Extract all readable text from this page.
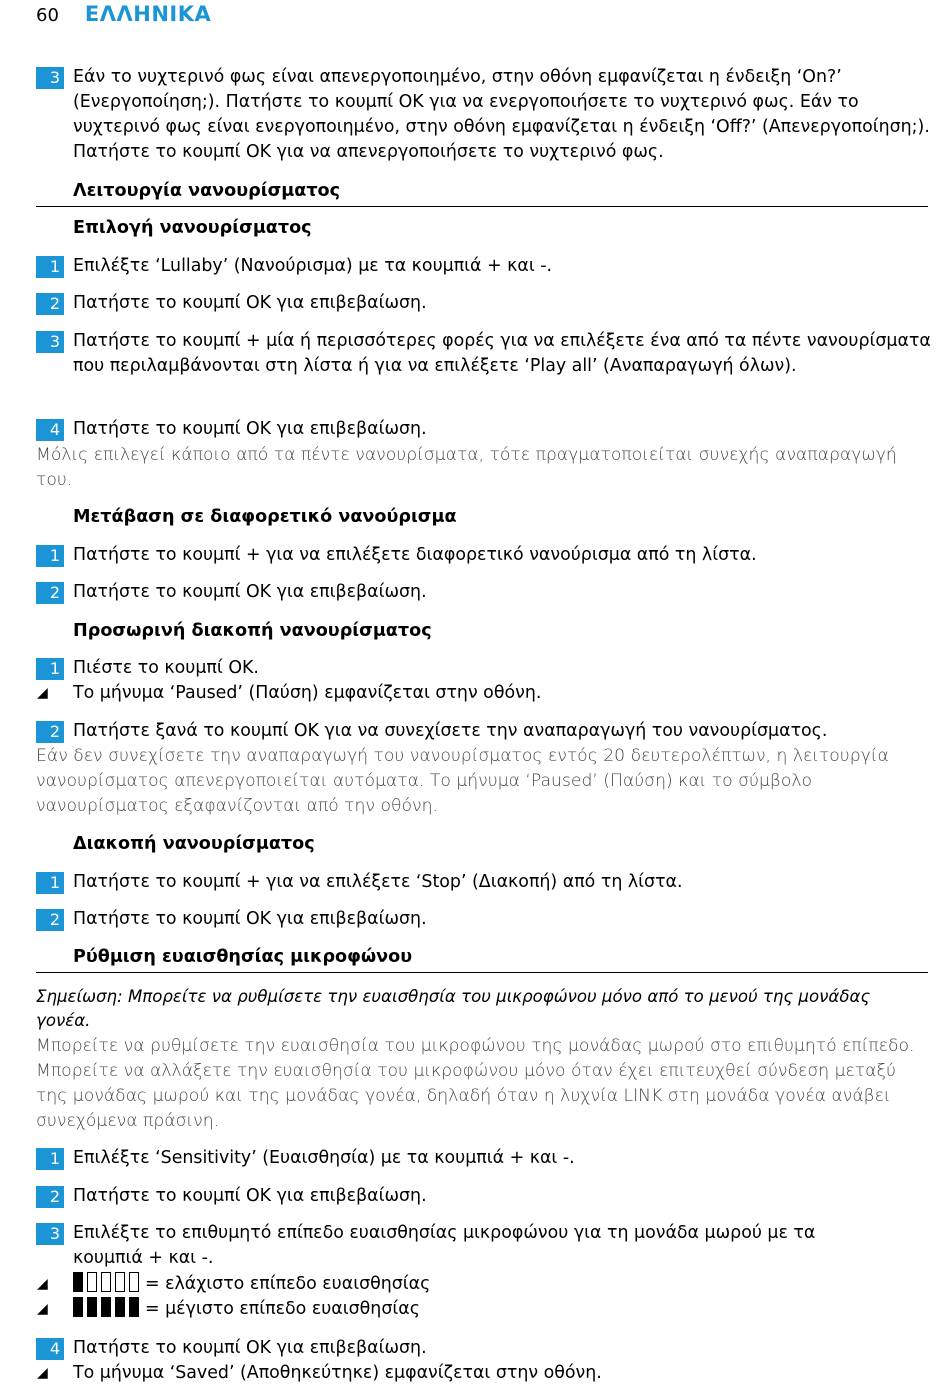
60 ΕΛΛΗΝΙΚΑ
3 Εάν το νυχτερινό φως είναι απενεργοποιημένο, στην οθόνη εμφανίζεται η ένδειξη ‘On?’ (Ενεργοποίηση;). Πατήστε το κουμπί OK για να ενεργοποιήσετε το νυχτερινό φως. Εάν το νυχτερινό φως είναι ενεργοποιημένο, στην οθόνη εμφανίζεται η ένδειξη ‘Off?’ (Απενεργοποίηση;). Πατήστε το κουμπί OK για να απενεργοποιήσετε το νυχτερινό φως.
Λειτουργία νανουρίσματος
Επιλογή νανουρίσματος
1 Επιλέξτε ‘Lullaby’ (Νανούρισμα) με τα κουμπιά + και -.
2 Πατήστε το κουμπί OK για επιβεβαίωση.
3 Πατήστε το κουμπί + μία ή περισσότερες φορές για να επιλέξετε ένα από τα πέντε νανουρίσματα που περιλαμβάνονται στη λίστα ή για να επιλέξετε ‘Play all’ (Αναπαραγωγή όλων).
4 Πατήστε το κουμπί OK για επιβεβαίωση.
Μόλις επιλεγεί κάποιο από τα πέντε νανουρίσματα, τότε πραγματοποιείται συνεχής αναπαραγωγή του.
Μετάβαση σε διαφορετικό νανούρισμα
1 Πατήστε το κουμπί + για να επιλέξετε διαφορετικό νανούρισμα από τη λίστα.
2 Πατήστε το κουμπί OK για επιβεβαίωση.
Προσωρινή διακοπή νανουρίσματος
1 Πιέστε το κουμπί OK.
◢ Το μήνυμα ‘Paused’ (Παύση) εμφανίζεται στην οθόνη.
2 Πατήστε ξανά το κουμπί OK για να συνεχίσετε την αναπαραγωγή του νανουρίσματος.
Εάν δεν συνεχίσετε την αναπαραγωγή του νανουρίσματος εντός 20 δευτερολέπτων, η λειτουργία νανουρίσματος απενεργοποιείται αυτόματα. Το μήνυμα ‘Paused’ (Παύση) και το σύμβολο νανουρίσματος εξαφανίζονται από την οθόνη.
Διακοπή νανουρίσματος
1 Πατήστε το κουμπί + για να επιλέξετε ‘Stop’ (Διακοπή) από τη λίστα.
2 Πατήστε το κουμπί OK για επιβεβαίωση.
Ρύθμιση ευαισθησίας μικροφώνου
Σημείωση: Μπορείτε να ρυθμίσετε την ευαισθησία του μικροφώνου μόνο από το μενού της μονάδας γονέα.
Μπορείτε να ρυθμίσετε την ευαισθησία του μικροφώνου της μονάδας μωρού στο επιθυμητό επίπεδο. Μπορείτε να αλλάξετε την ευαισθησία του μικροφώνου μόνο όταν έχει επιτευχθεί σύνδεση μεταξύ της μονάδας μωρού και της μονάδας γονέα, δηλαδή όταν η λυχνία LINK στη μονάδα γονέα ανάβει συνεχόμενα πράσινη.
1 Επιλέξτε ‘Sensitivity’ (Ευαισθησία) με τα κουμπιά + και -.
2 Πατήστε το κουμπί OK για επιβεβαίωση.
3 Επιλέξτε το επιθυμητό επίπεδο ευαισθησίας μικροφώνου για τη μονάδα μωρού με τα κουμπιά + και -.
◢	= ελάχιστο επίπεδο ευαισθησίας
◢	= μέγιστο επίπεδο ευαισθησίας
4 Πατήστε το κουμπί OK για επιβεβαίωση.
◢ Το μήνυμα ‘Saved’ (Αποθηκεύτηκε) εμφανίζεται στην οθόνη.
